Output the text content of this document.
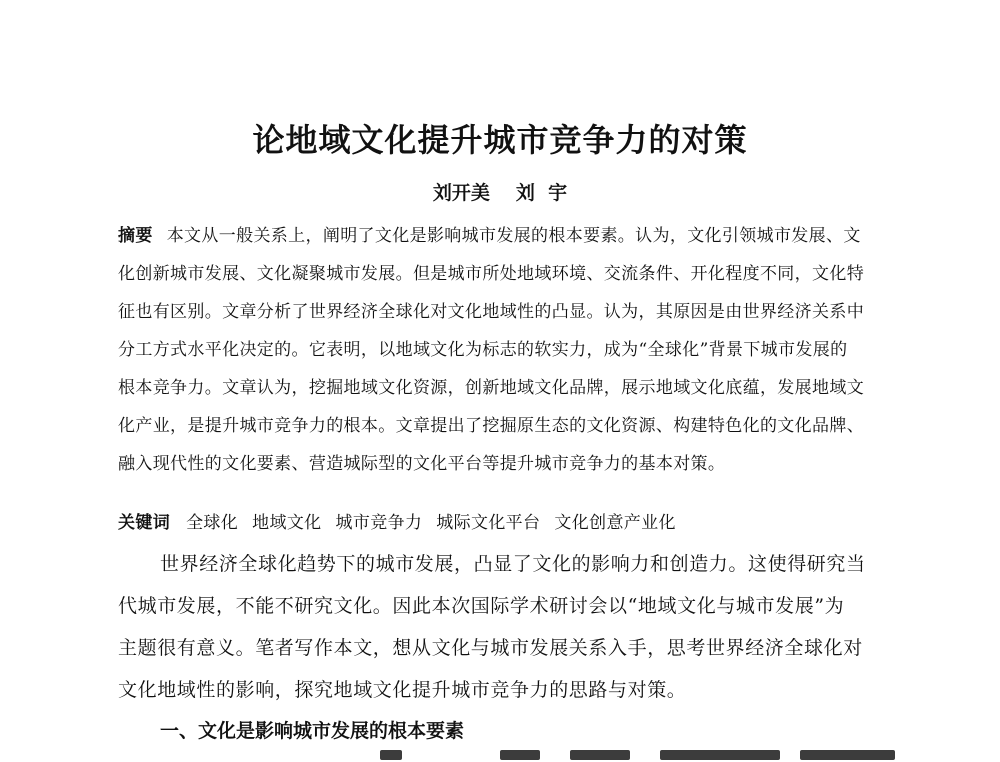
论地域文化提升城市竞争力的对策
刘开美 刘  宇
摘要 本文从一般关系上，阐明了文化是影响城市发展的根本要素。认为，文化引领城市发展、文
化创新城市发展、文化凝聚城市发展。但是城市所处地域环境、交流条件、开化程度不同，文化特
征也有区别。文章分析了世界经济全球化对文化地域性的凸显。认为，其原因是由世界经济关系中
分工方式水平化决定的。它表明，以地域文化为标志的软实力，成为“全球化”背景下城市发展的
根本竞争力。文章认为，挖掘地域文化资源，创新地域文化品牌，展示地域文化底蕴，发展地域文
化产业，是提升城市竞争力的根本。文章提出了挖掘原生态的文化资源、构建特色化的文化品牌、
融入现代性的文化要素、营造城际型的文化平台等提升城市竞争力的基本对策。
关键词 全球化 地域文化 城市竞争力 城际文化平台 文化创意产业化
世界经济全球化趋势下的城市发展，凸显了文化的影响力和创造力。这使得研究当
代城市发展，不能不研究文化。因此本次国际学术研讨会以“地域文化与城市发展”为
主题很有意义。笔者写作本文，想从文化与城市发展关系入手，思考世界经济全球化对
文化地域性的影响，探究地域文化提升城市竞争力的思路与对策。
一、文化是影响城市发展的根本要素
